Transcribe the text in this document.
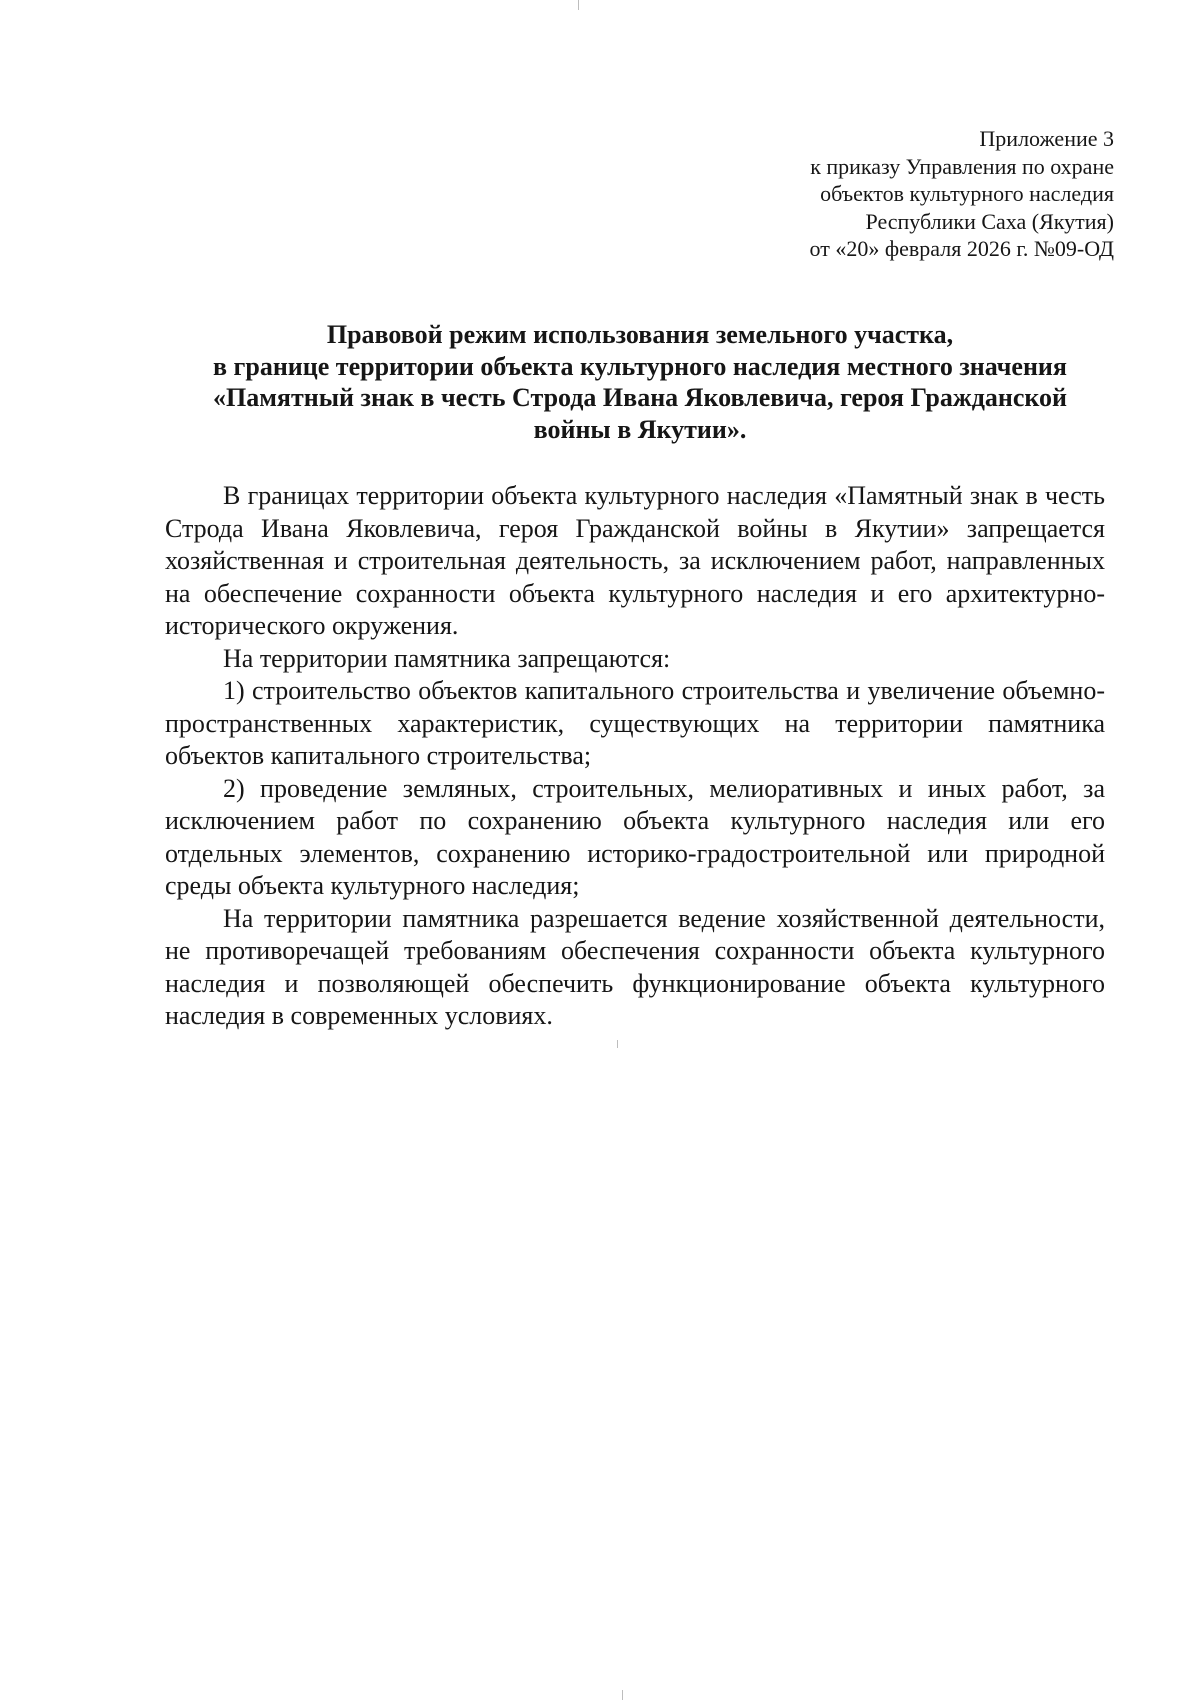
Приложение 3
к приказу Управления по охране
объектов культурного наследия
Республики Саха (Якутия)
от «20» февраля 2026 г. №09-ОД
Правовой режим использования земельного участка,
в границе территории объекта культурного наследия местного значения
«Памятный знак в честь Строда Ивана Яковлевича, героя Гражданской
войны в Якутии».

В границах территории объекта культурного наследия «Памятный знак в честь Строда Ивана Яковлевича, героя Гражданской войны в Якутии» запрещается хозяйственная и строительная деятельность, за исключением работ, направленных на обеспечение сохранности объекта культурного наследия и его архитектурно-исторического окружения.

На территории памятника запрещаются:

1) строительство объектов капитального строительства и увеличение объемно-пространственных характеристик, существующих на территории памятника объектов капитального строительства;

2) проведение земляных, строительных, мелиоративных и иных работ, за исключением работ по сохранению объекта культурного наследия или его отдельных элементов, сохранению историко-градостроительной или природной среды объекта культурного наследия;

На территории памятника разрешается ведение хозяйственной деятельности, не противоречащей требованиям обеспечения сохранности объекта культурного наследия и позволяющей обеспечить функционирование объекта культурного наследия в современных условиях.
